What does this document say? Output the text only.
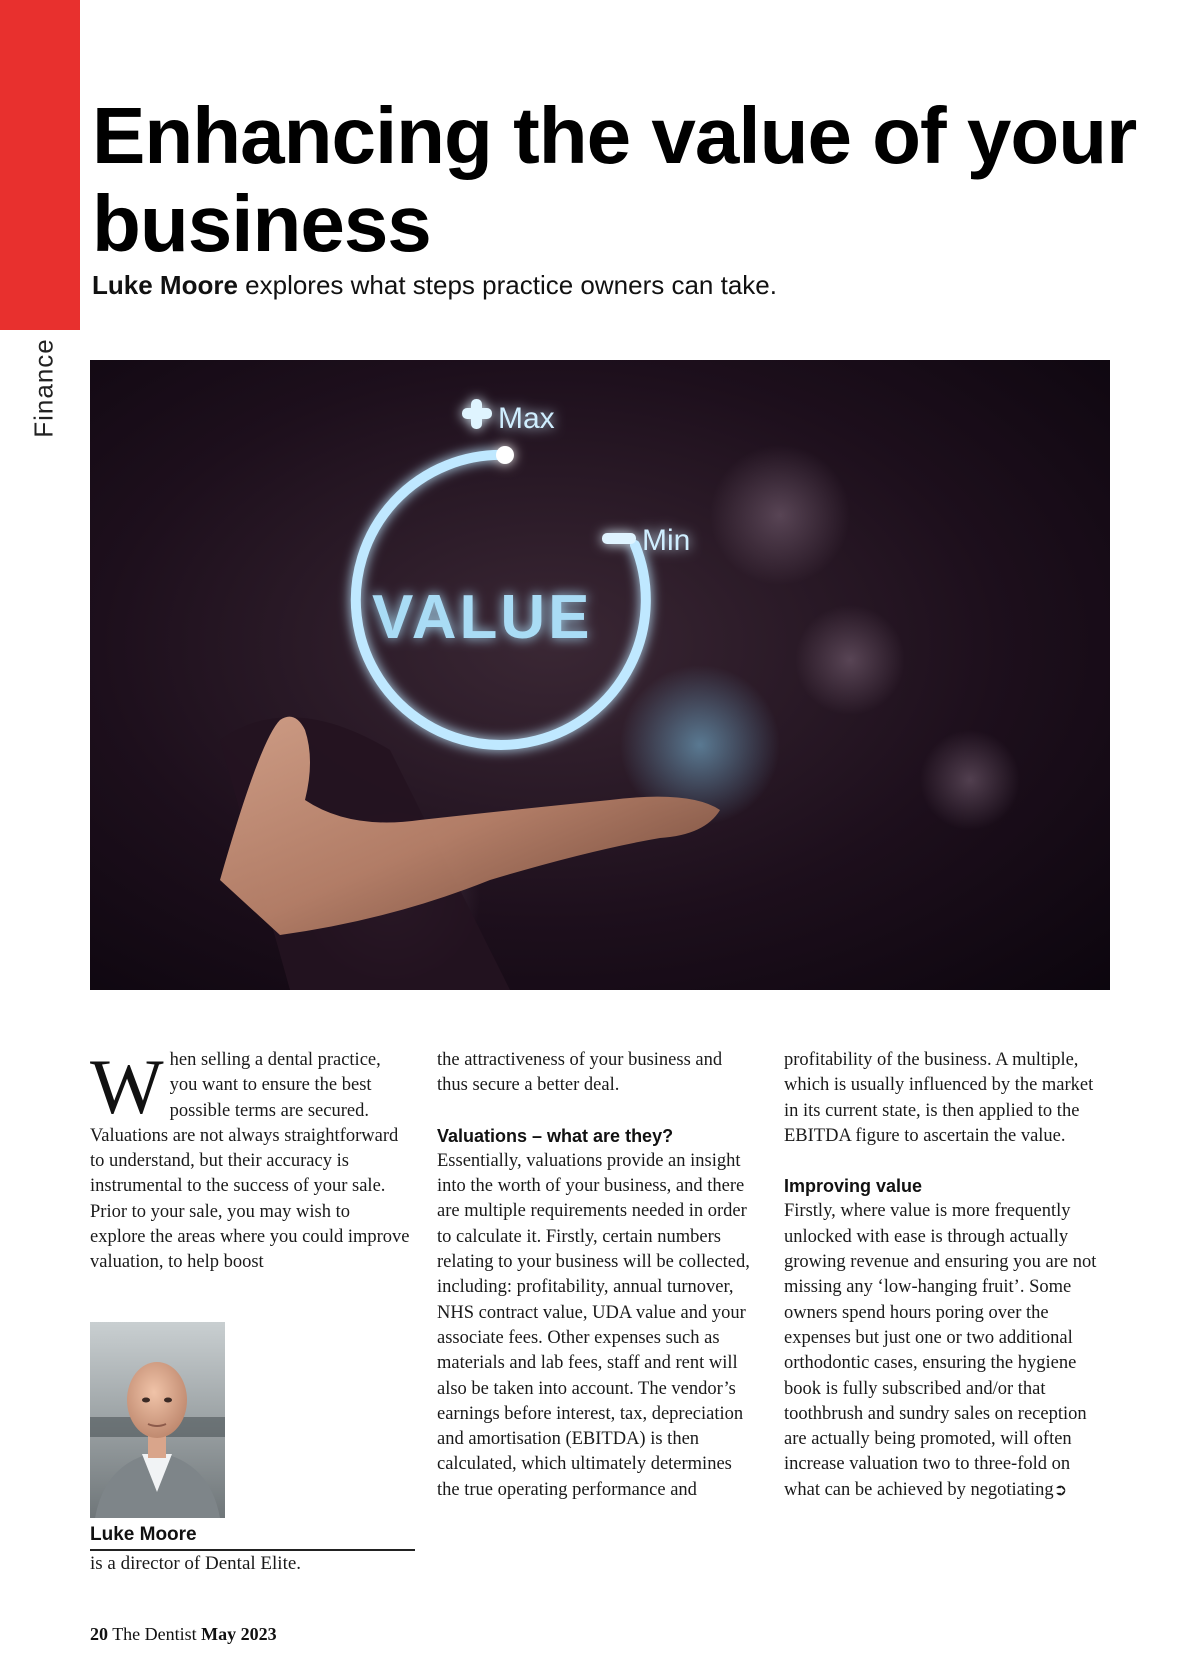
Finance
Enhancing the value of your business

Luke Moore explores what steps practice owners can take.

Max
Min
VALUE
W hen selling a dental practice, you want to ensure the best possible terms are secured. Valuations are not always straightforward to understand, but their accuracy is instrumental to the success of your sale. Prior to your sale, you may wish to explore the areas where you could improve valuation, to help boost

the attractiveness of your business and thus secure a better deal.

Valuations – what are they?

Essentially, valuations provide an insight into the worth of your business, and there are multiple requirements needed in order to calculate it. Firstly, certain numbers relating to your business will be collected, including: profitability, annual turnover, NHS contract value, UDA value and your associate fees. Other expenses such as materials and lab fees, staff and rent will also be taken into account. The vendor’s earnings before interest, tax, depreciation and amortisation (EBITDA) is then calculated, which ultimately determines the true operating performance and

profitability of the business. A multiple, which is usually influenced by the market in its current state, is then applied to the EBITDA figure to ascertain the value.

Improving value

Firstly, where value is more frequently unlocked with ease is through actually growing revenue and ensuring you are not missing any ‘low-hanging fruit’. Some owners spend hours poring over the expenses but just one or two additional orthodontic cases, ensuring the hygiene book is fully subscribed and/or that toothbrush and sundry sales on reception are actually being promoted, will often increase valuation two to three-fold on what can be achieved by negotiating➲

Luke Moore
is a director of Dental Elite.
20 The Dentist May 2023
